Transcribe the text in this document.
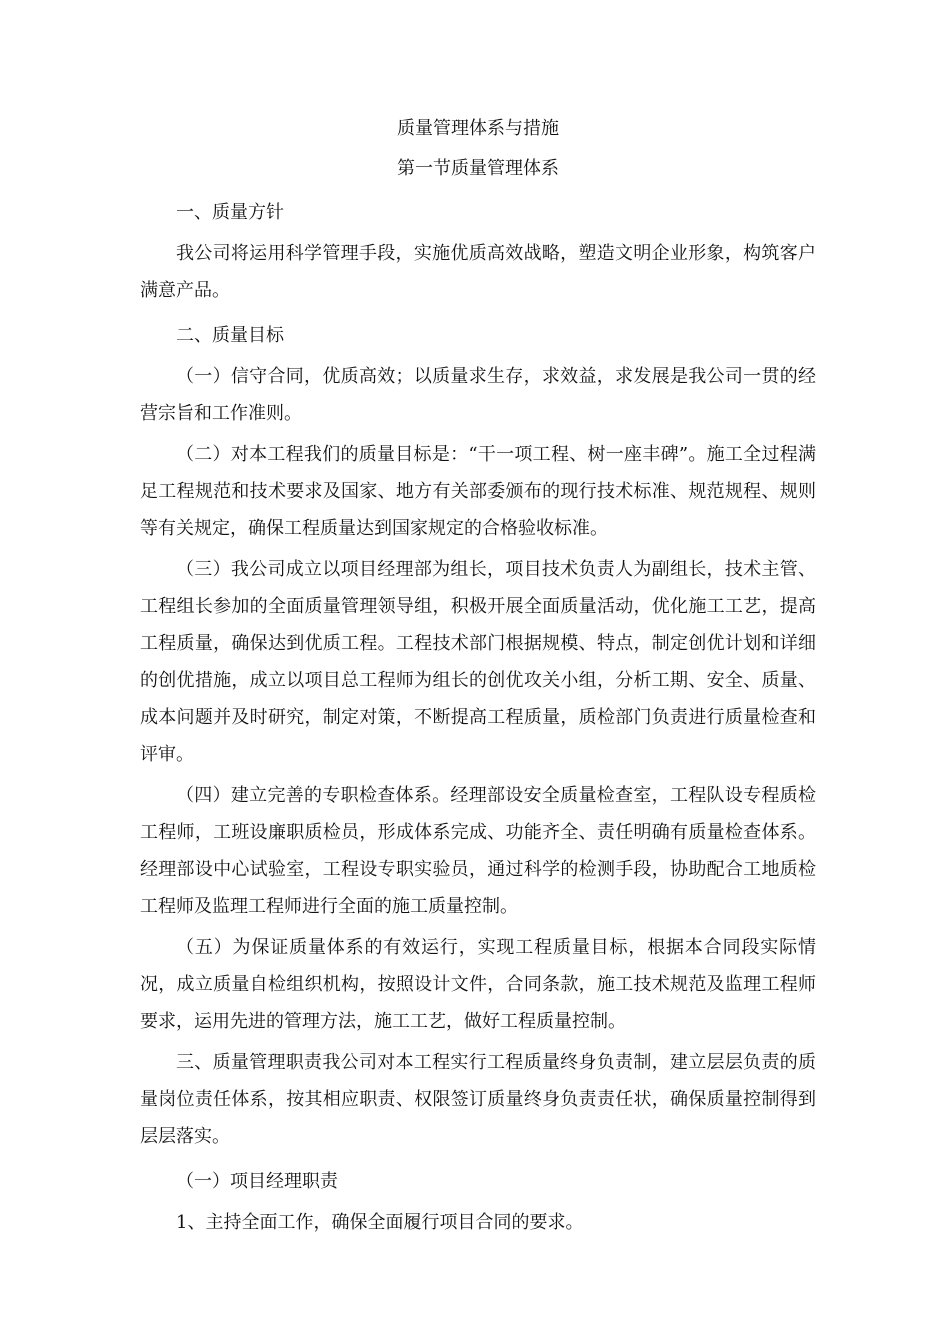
质量管理体系与措施

第一节质量管理体系

一、质量方针

我公司将运用科学管理手段，实施优质高效战略，塑造文明企业形象，构筑客户满意产品。

二、质量目标

（一）信守合同，优质高效；以质量求生存，求效益，求发展是我公司一贯的经营宗旨和工作准则。

（二）对本工程我们的质量目标是：“干一项工程、树一座丰碑”。施工全过程满足工程规范和技术要求及国家、地方有关部委颁布的现行技术标准、规范规程、规则等有关规定，确保工程质量达到国家规定的合格验收标准。

（三）我公司成立以项目经理部为组长，项目技术负责人为副组长，技术主管、工程组长参加的全面质量管理领导组，积极开展全面质量活动，优化施工工艺，提高工程质量，确保达到优质工程。工程技术部门根据规模、特点，制定创优计划和详细的创优措施，成立以项目总工程师为组长的创优攻关小组，分析工期、安全、质量、成本问题并及时研究，制定对策，不断提高工程质量，质检部门负责进行质量检查和评审。

（四）建立完善的专职检查体系。经理部设安全质量检查室，工程队设专程质检工程师，工班设廉职质检员，形成体系完成、功能齐全、责任明确有质量检查体系。经理部设中心试验室，工程设专职实验员，通过科学的检测手段，协助配合工地质检工程师及监理工程师进行全面的施工质量控制。

（五）为保证质量体系的有效运行，实现工程质量目标，根据本合同段实际情况，成立质量自检组织机构，按照设计文件，合同条款，施工技术规范及监理工程师要求，运用先进的管理方法，施工工艺，做好工程质量控制。

三、质量管理职责我公司对本工程实行工程质量终身负责制，建立层层负责的质量岗位责任体系，按其相应职责、权限签订质量终身负责责任状，确保质量控制得到层层落实。

（一）项目经理职责

1、主持全面工作，确保全面履行项目合同的要求。
